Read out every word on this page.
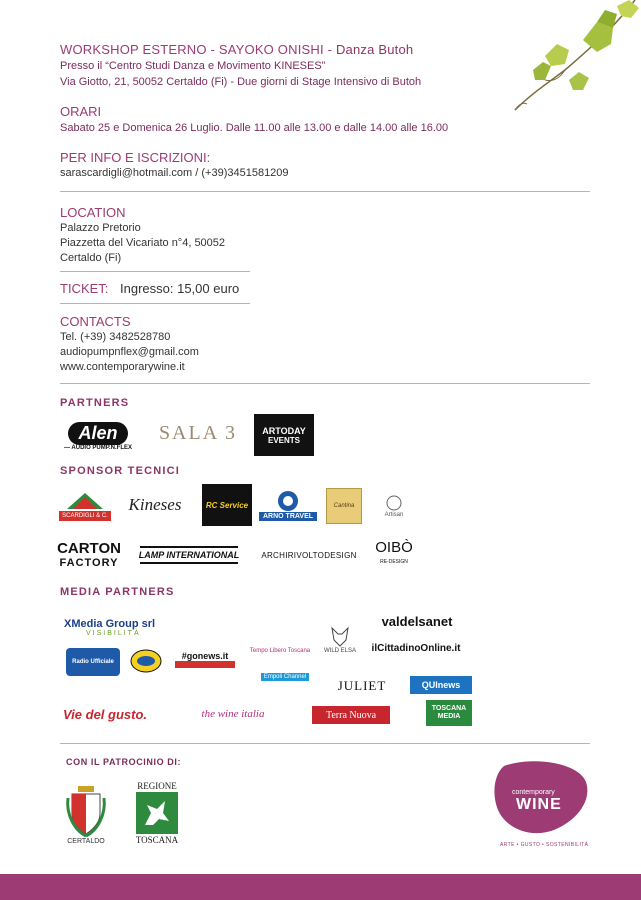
WORKSHOP ESTERNO - SAYOKO ONISHI - Danza Butoh
Presso il “Centro Studi Danza e Movimento KINESES”
Via Giotto, 21, 50052 Certaldo (Fi) - Due giorni di Stage Intensivo di Butoh
ORARI
Sabato 25 e Domenica 26 Luglio. Dalle 11.00 alle 13.00 e dalle 14.00 alle 16.00
PER INFO E ISCRIZIONI:
sarascardigli@hotmail.com / (+39)3451581209
LOCATION
Palazzo Pretorio
Piazzetta del Vicariato n°4, 50052
Certaldo (Fi)
TICKET: Ingresso: 15,00 euro
CONTACTS
Tel. (+39) 3482528780
audiopumpnflex@gmail.com
www.contemporarywine.it
PARTNERS
Alen
— AUDIO PUMP.N.FLEX
SALA 3	ARTODAY
EVENTS
SPONSOR TECNICI
SCARDIGLI & C.
Kineses	RC Service
ARNO TRAVEL
Cantina
Artisan
CARTON
FACTORY
LAMP INTERNATIONAL	ARCHIRIVOLTODESIGN OIBÒ
RE-DESIGN
MEDIA PARTNERS
XMedia Group srl
VISIBILITÀ
#gonews.it	Tempo Libero Toscana WILD ELSA
valdelsanet
ilCittadinoOnline.it
Radio Ufficiale
Empoli Channel
JULIET	QUInews
Vie del gusto.	the wine italia	Terra Nuova
TOSCANA MEDIA
CON IL PATROCINIO DI:
CERTALDO
REGIONE
TOSCANA
contemporary
WINE
ARTE • GUSTO • SOSTENIBILITÀ
